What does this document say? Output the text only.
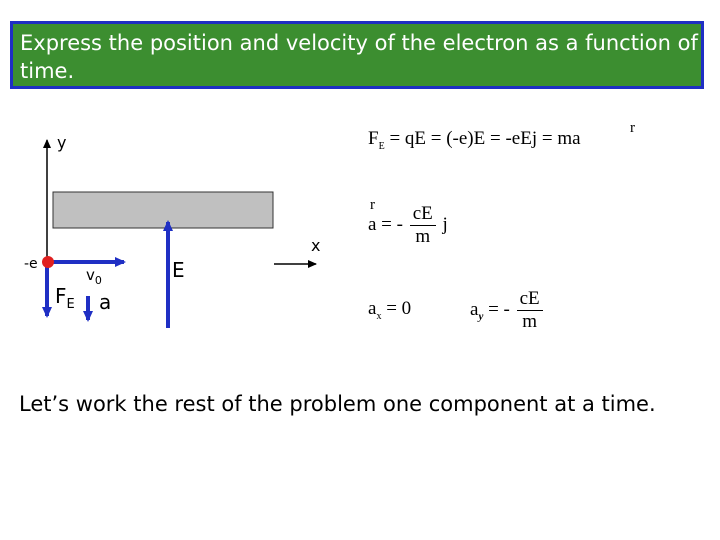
Express the position and velocity of the electron as a function of time.
y
-e
$v_0$
$F_E$ a
E
x
r
$F_E$ = qE = (-e)E = -eEj = ma
r
a = - $\frac{cE}{m}$ j
$a_x = 0$	$a_y$ = - $\frac{cE}{m}$
Let’s work the rest of the problem one component at a time.
